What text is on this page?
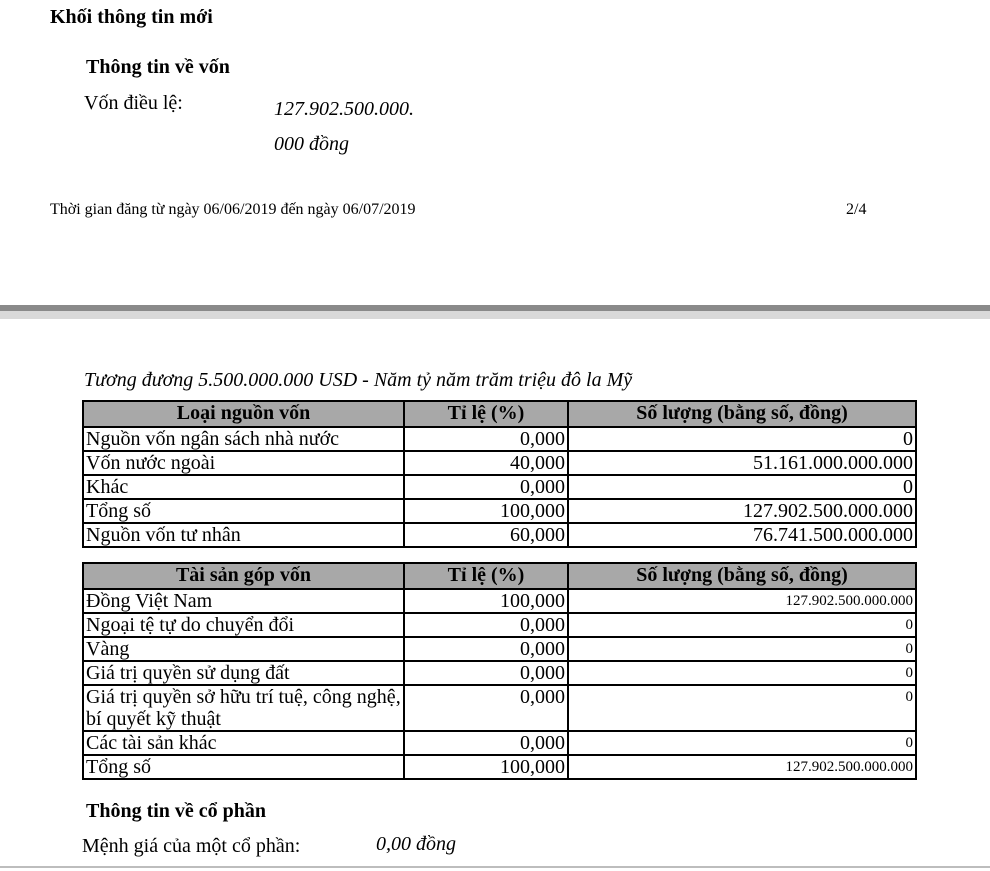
Khối thông tin mới
Thông tin về vốn
Vốn điều lệ:	127.902.500.000.
000 đồng
Thời gian đăng từ ngày 06/06/2019 đến ngày 06/07/2019	2/4
Tương đương 5.500.000.000 USD - Năm tỷ năm trăm triệu đô la Mỹ
Loại nguồn vốn	Tỉ lệ (%)	Số lượng (bằng số, đồng)
Nguồn vốn ngân sách nhà nước	0,000	0
Vốn nước ngoài	40,000	51.161.000.000.000
Khác	0,000	0
Tổng số	100,000	127.902.500.000.000
Nguồn vốn tư nhân	60,000	76.741.500.000.000
Tài sản góp vốn	Tỉ lệ (%)	Số lượng (bằng số, đồng)
Đồng Việt Nam	100,000	127.902.500.000.000
Ngoại tệ tự do chuyển đổi	0,000	0
Vàng	0,000	0
Giá trị quyền sử dụng đất	0,000	0
Giá trị quyền sở hữu trí tuệ, công nghệ, bí quyết kỹ thuật	0,000	0
Các tài sản khác	0,000	0
Tổng số	100,000	127.902.500.000.000
Thông tin về cổ phần
Mệnh giá của một cổ phần:	0,00 đồng
